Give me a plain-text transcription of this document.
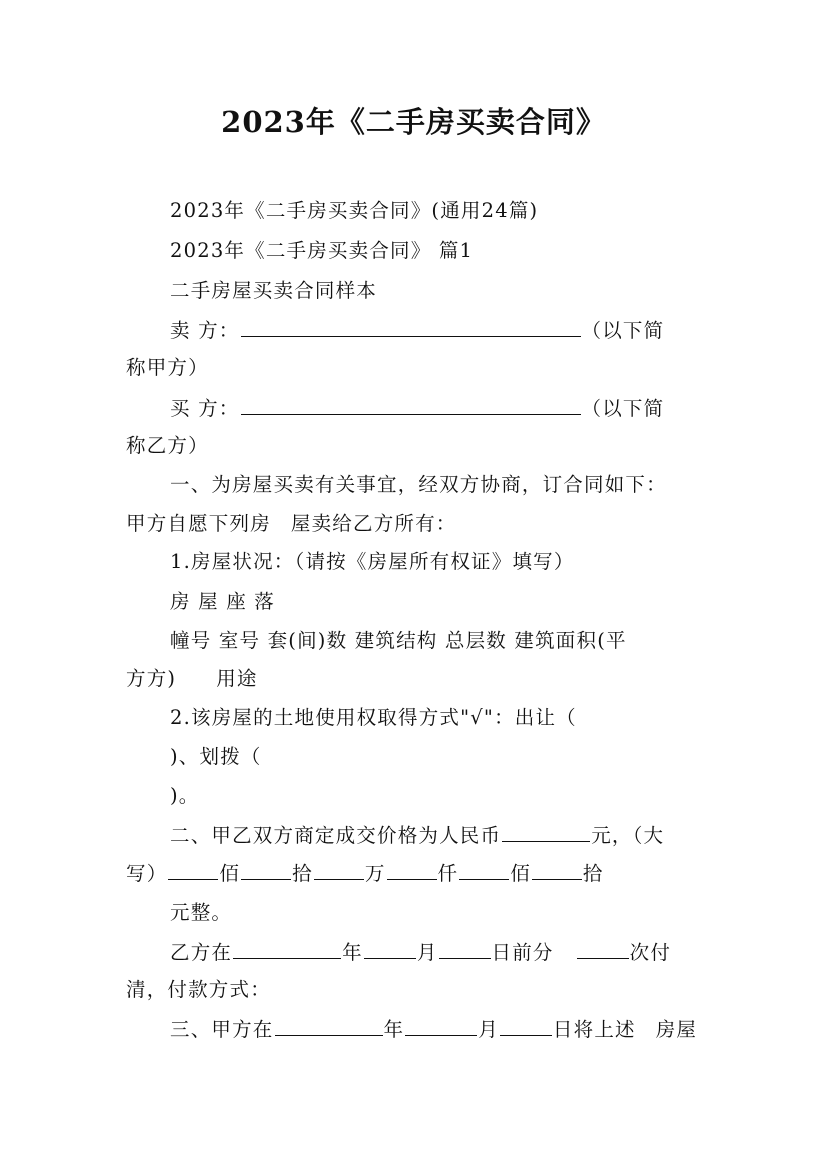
2023年《二手房买卖合同》
2023年《二手房买卖合同》(通用24篇)
2023年《二手房买卖合同》 篇1
二手房屋买卖合同样本
卖 方：	（以下简
称甲方）
买 方：	（以下简
称乙方）
一、为房屋买卖有关事宜，经双方协商，订合同如下：
甲方自愿下列房 屋卖给乙方所有：
1.房屋状况：（请按《房屋所有权证》填写）
房 屋 座 落
幢号 室号 套(间)数 建筑结构 总层数 建筑面积(平
方方) 用途
2.该房屋的土地使用权取得方式"√"：出让（
)、划拨（
)。
二、甲乙双方商定成交价格为人民币	元，（大
写）	佰	拾	万	仟	佰	拾
元整。
乙方在	年	月	日前分	次付
清，付款方式：
三、甲方在	年	月	日将上述 房屋
